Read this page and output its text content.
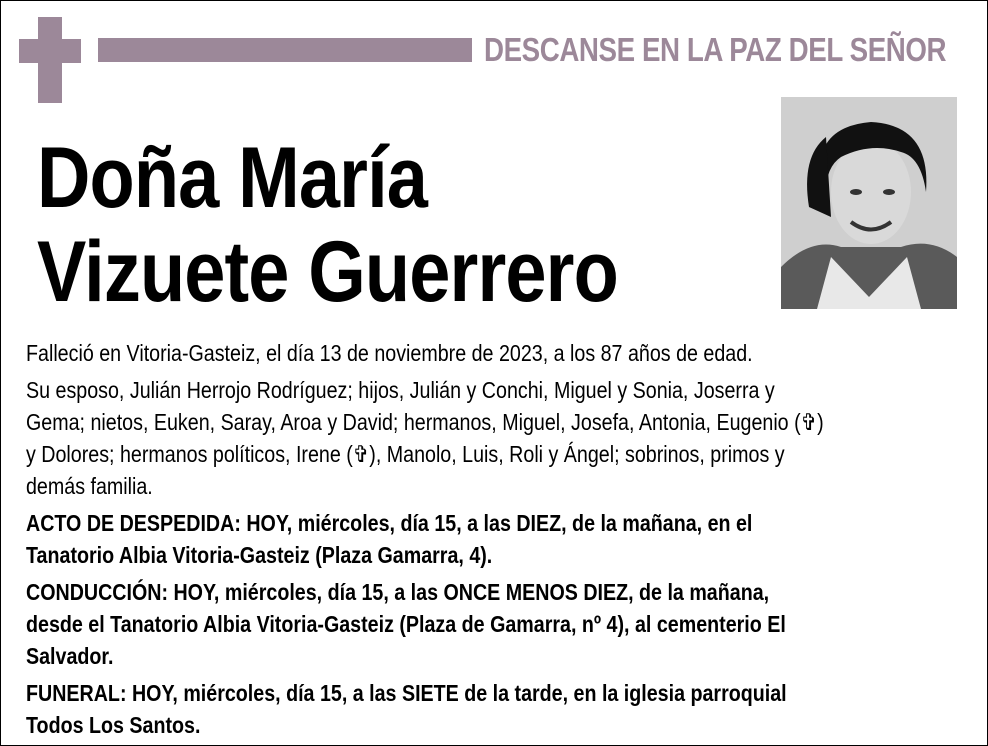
DESCANSE EN LA PAZ DEL SEÑOR
Doña María
Vizuete Guerrero
Falleció en Vitoria-Gasteiz, el día 13 de noviembre de 2023, a los 87 años de edad.
Su esposo, Julián Herrojo Rodríguez; hijos, Julián y Conchi, Miguel y Sonia, Joserra y
Gema; nietos, Euken, Saray, Aroa y David; hermanos, Miguel, Josefa, Antonia, Eugenio (✞)
y Dolores; hermanos políticos, Irene (✞), Manolo, Luis, Roli y Ángel; sobrinos, primos y
demás familia.
ACTO DE DESPEDIDA: HOY, miércoles, día 15, a las DIEZ, de la mañana, en el
Tanatorio Albia Vitoria-Gasteiz (Plaza Gamarra, 4).
CONDUCCIÓN: HOY, miércoles, día 15, a las ONCE MENOS DIEZ, de la mañana,
desde el Tanatorio Albia Vitoria-Gasteiz (Plaza de Gamarra, nº 4), al cementerio El
Salvador.
FUNERAL: HOY, miércoles, día 15, a las SIETE de la tarde, en la iglesia parroquial
Todos Los Santos.
